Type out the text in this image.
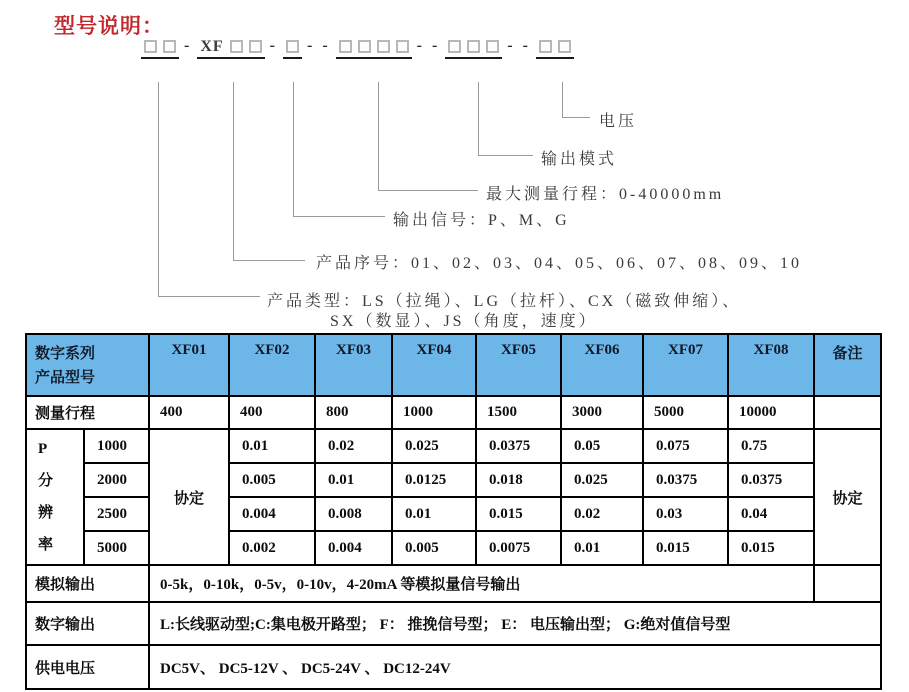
型号说明：
- XF	- - -	- -	- -
电压
输出模式
最大测量行程：0-40000mm
输出信号：P、M、G
产品序号：01、02、03、04、05、06、07、08、09、10
产品类型：LS（拉绳）、LG（拉杆）、CX（磁致伸缩）、
SX（数显）、JS（角度，速度）
数字系列
产品型号		XF01	XF02	XF03	XF04	XF05	XF06	XF07	XF08	备注
测量行程		400	400	800	1000	1500	3000	5000	10000	

P
分
辨
率	1000	协定	0.01	0.02	0.025	0.0375	0.05	0.075	0.75	协定
	2000		0.005	0.01	0.0125	0.018	0.025	0.0375	0.0375	
	2500		0.004	0.008	0.01	0.015	0.02	0.03	0.04	
	5000		0.002	0.004	0.005	0.0075	0.01	0.015	0.015	
模拟输出		0-5k，0-10k，0-5v，0-10v，4-20mA 等模拟量信号输出								
数字输出		L:长线驱动型;C:集电极开路型； F： 推挽信号型； E： 电压输出型； G:绝对值信号型								
供电电压		DC5V、 DC5-12V 、 DC5-24V 、 DC12-24V								
